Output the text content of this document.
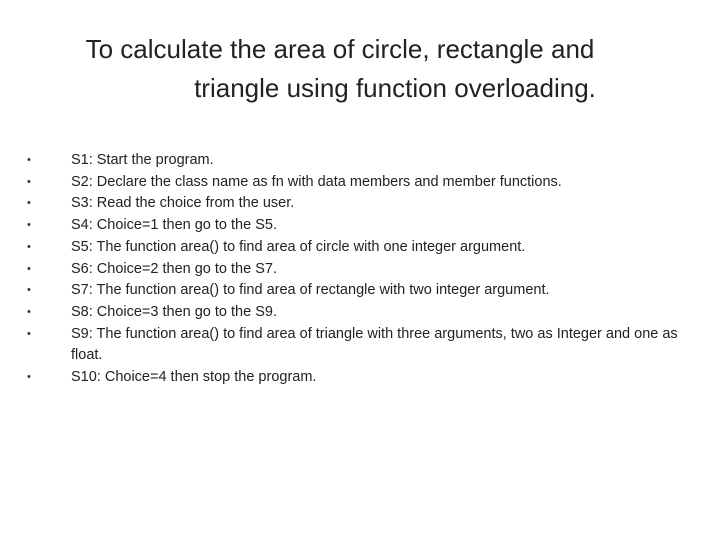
To calculate the area of circle, rectangle and
triangle using function overloading.
•	S1: Start the program.
•	S2: Declare the class name as fn with data members and member functions.
•	S3: Read the choice from the user.
•	S4: Choice=1 then go to the S5.
•	S5: The function area() to find area of circle with one integer argument.
•	S6: Choice=2 then go to the S7.
•	S7: The function area() to find area of rectangle with two integer argument.
•	S8: Choice=3 then go to the S9.
•	S9: The function area() to find area of triangle with three arguments, two as Integer and one as float.
•	S10: Choice=4 then stop the program.
